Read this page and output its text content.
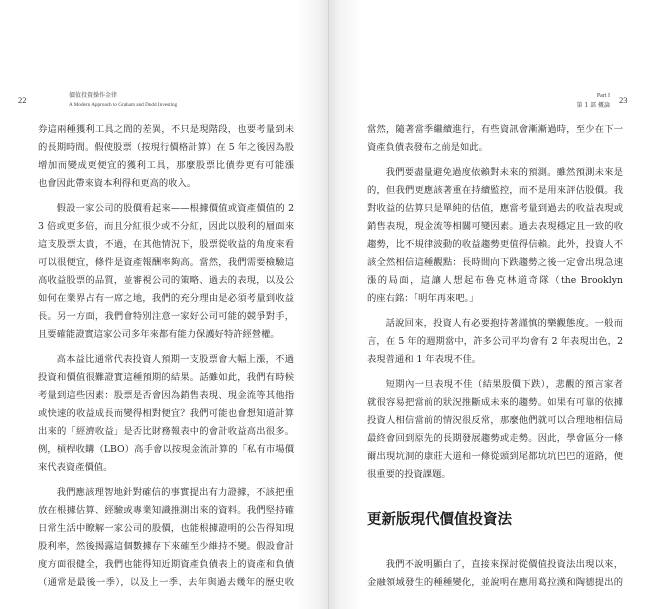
22	價值投資操作金律
A Modern Approach to Graham and Dodd Investing
Part I
第 1 部 概論
23
券這兩種獲利工具之間的差異，不只是現階段，也要考量到未
的長期時間。假使股票（按現行價格計算）在 5 年之後因為股
增加而變成更便宜的獲利工具，那麼股票比債券更有可能漲
也會因此帶來資本利得和更高的收入。
假設一家公司的股價看起來——根據價值或資產價值的 2
3 倍或更多倍，而且分紅很少或不分紅，因此以股利的層面來
這支股票太貴，不過，在其他情況下，股票從收益的角度來看
可以很便宜，條件是資產報酬率夠高。當然，我們需要檢驗這
高收益股票的品質，並審視公司的策略、過去的表現，以及公
如何在業界占有一席之地，我們的充分理由是必須考量到收益
長。另一方面，我們會特別注意一家好公司可能的競爭對手，
且要確能證實這家公司多年來都有能力保護好特許經營權。
高本益比通常代表投資人預期一支股票會大幅上漲，不過
投資和價值很難證實這種預期的結果。話雖如此，我們有時候
考量到這些因素：股票是否會因為銷售表現、現金流等其他指
或快速的收益成長而變得相對便宜？我們可能也會想知道計算
出來的「經濟收益」是否比財務報表中的會計收益高出很多。
例，槓桿收購（LBO）高手會以按現金流計算的「私有市場價
來代表資產價值。
我們應該理智地針對確信的事實提出有力證據，不該把重
放在根據估算、經驗或專業知識推測出來的資料。我們堅持確
日常生活中瞭解一家公司的股價，也能根據證明的公告得知現
股利率，然後揭露這個數據存下來確至少維持不變。假設會計
度方面很健全，我們也能得知近期資產負債表上的資產和負債
（通常是最後一季），以及上一季、去年與過去幾年的歷史收
當然，隨著當季繼續進行，有些資訊會漸漸過時，至少在下一
資產負債表發布之前是如此。
我們要盡量避免過度依賴對未來的預測。雖然預測未來是
的，但我們更應該著重在持續監控，而不是用來評估股價。我
對收益的估算只是單純的估值，應當考量到過去的收益表現或
銷售表現，現金流等相關可變因素。過去表現穩定且一致的收
趨勢，比不規律波動的收益趨勢更值得信賴。此外，投資人不
該全然相信這種觀點：長時間向下跌趨勢之後一定會出現急速
漲的局面，這讓人想起布魯克林道奇隊（the Brooklyn
的座右銘：「明年再來吧。」
話說回來，投資人有必要抱持著謹慎的樂觀態度。一般而
言，在 5 年的週期當中，許多公司平均會有 2 年表現出色，2
表現普通和 1 年表現不佳。
短期內一旦表現不佳（結果股價下跌），悲觀的預言家者
就很容易把當前的狀況推斷成未來的趨勢。如果有可靠的依據
投資人相信當前的情況很反常，那麼他們就可以合理地相信局
最終會回到原先的長期發展趨勢或走勢。因此，學會區分一條
爾出現坑洞的康莊大道和一條從頭到尾都坑坑巴巴的道路，便
很重要的投資課題。
更新版現代價值投資法
我們不說明顯白了，直接來探討從價值投資法出現以來，
金融領域發生的種種變化，並說明在應用葛拉漢和陶德提出的
